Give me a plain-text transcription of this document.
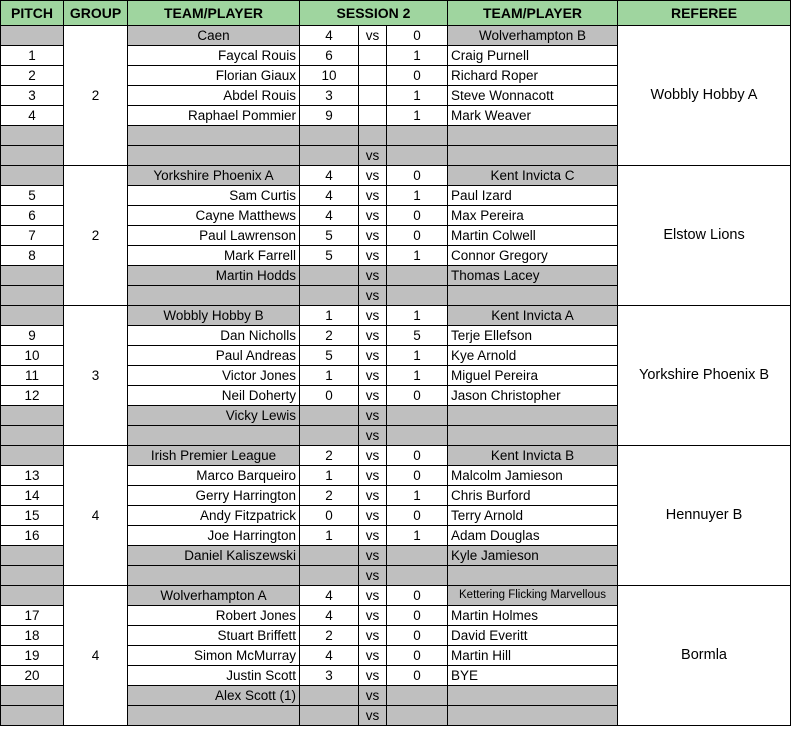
PITCH	GROUP	TEAM/PLAYER	SESSION 2			TEAM/PLAYER	REFEREE
	2	Caen	4	vs	0	Wolverhampton B	Wobbly Hobby A
1		Faycal Rouis	6		1	Craig Purnell	
2		Florian Giaux	10		0	Richard Roper	
3		Abdel Rouis	3		1	Steve Wonnacott	
4		Raphael Pommier	9		1	Mark Weaver	

				vs			
	2	Yorkshire Phoenix A	4	vs	0	Kent Invicta C	Elstow Lions
5		Sam Curtis	4	vs	1	Paul Izard	
6		Cayne Matthews	4	vs	0	Max Pereira	
7		Paul Lawrenson	5	vs	0	Martin Colwell	
8		Mark Farrell	5	vs	1	Connor Gregory	
		Martin Hodds		vs		Thomas Lacey	
				vs			
	3	Wobbly Hobby B	1	vs	1	Kent Invicta A	Yorkshire Phoenix B
9		Dan Nicholls	2	vs	5	Terje Ellefson	
10		Paul Andreas	5	vs	1	Kye Arnold	
11		Victor Jones	1	vs	1	Miguel Pereira	
12		Neil Doherty	0	vs	0	Jason Christopher	
		Vicky Lewis		vs			
				vs			
	4	Irish Premier League	2	vs	0	Kent Invicta B	Hennuyer B
13		Marco Barqueiro	1	vs	0	Malcolm Jamieson	
14		Gerry Harrington	2	vs	1	Chris Burford	
15		Andy Fitzpatrick	0	vs	0	Terry Arnold	
16		Joe Harrington	1	vs	1	Adam Douglas	
		Daniel Kaliszewski		vs		Kyle Jamieson	
				vs			
	4	Wolverhampton A	4	vs	0	Kettering Flicking Marvellous	Bormla
17		Robert Jones	4	vs	0	Martin Holmes	
18		Stuart Briffett	2	vs	0	David Everitt	
19		Simon McMurray	4	vs	0	Martin Hill	
20		Justin Scott	3	vs	0	BYE	
		Alex Scott (1)		vs			
				vs			
